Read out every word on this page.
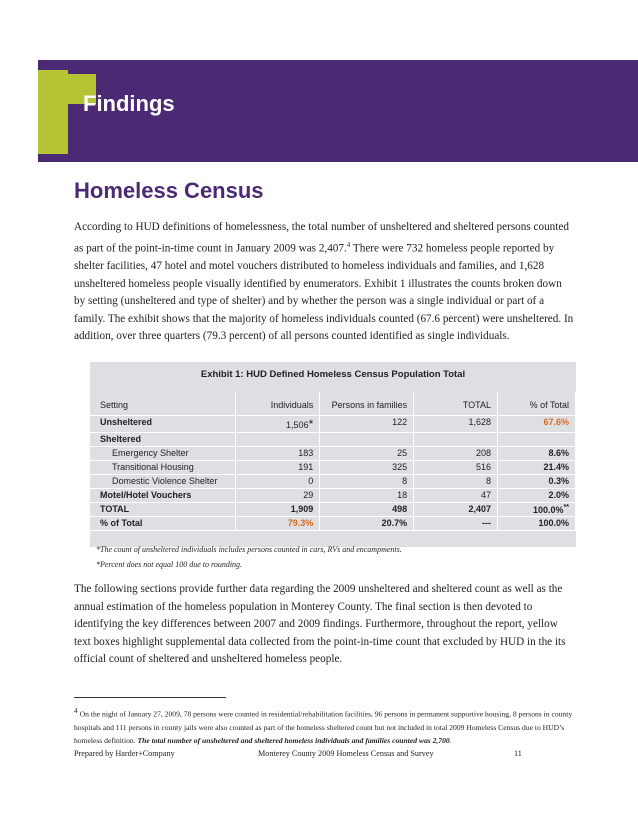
Findings
Homeless Census

According to HUD definitions of homelessness, the total number of unsheltered and sheltered persons counted as part of the point-in-time count in January 2009 was 2,407.$^4$ There were 732 homeless people reported by shelter facilities, 47 hotel and motel vouchers distributed to homeless individuals and families, and 1,628 unsheltered homeless people visually identified by enumerators. Exhibit 1 illustrates the counts broken down by setting (unsheltered and type of shelter) and by whether the person was a single individual or part of a family. The exhibit shows that the majority of homeless individuals counted (67.6 percent) were unsheltered. In addition, over three quarters (79.3 percent) of all persons counted identified as single individuals.

Exhibit 1: HUD Defined Homeless Census Population Total
Setting	Individuals	Persons in families	TOTAL	% of Total
Unsheltered	1,506*	122	1,628	67.6%
Sheltered				
Emergency Shelter	183	25	208	8.6%
Transitional Housing	191	325	516	21.4%
Domestic Violence Shelter	0	8	8	0.3%
Motel/Hotel Vouchers	29	18	47	2.0%
TOTAL	1,909	498	2,407	100.0%**
% of Total	79.3%	20.7%	---	100.0%
*The count of unsheltered individuals includes persons counted in cars, RVs and encampments.
*Percent does not equal 100 due to rounding.

The following sections provide further data regarding the 2009 unsheltered and sheltered count as well as the annual estimation of the homeless population in Monterey County. The final section is then devoted to identifying the key differences between 2007 and 2009 findings. Furthermore, throughout the report, yellow text boxes highlight supplemental data collected from the point-in-time count that excluded by HUD in the its official count of sheltered and unsheltered homeless people.

$^4$ On the night of January 27, 2009, 78 persons were counted in residential/rehabilitation facilities, 96 persons in permanent supportive housing, 8 persons in county hospitals and 111 persons in county jails were also counted as part of the homeless sheltered count but not included in total 2009 Homeless Census due to HUD’s homeless definition. The total number of unsheltered and sheltered homeless individuals and families counted was 2,700.

Prepared by Harder+Company	Monterey County 2009 Homeless Census and Survey	11
